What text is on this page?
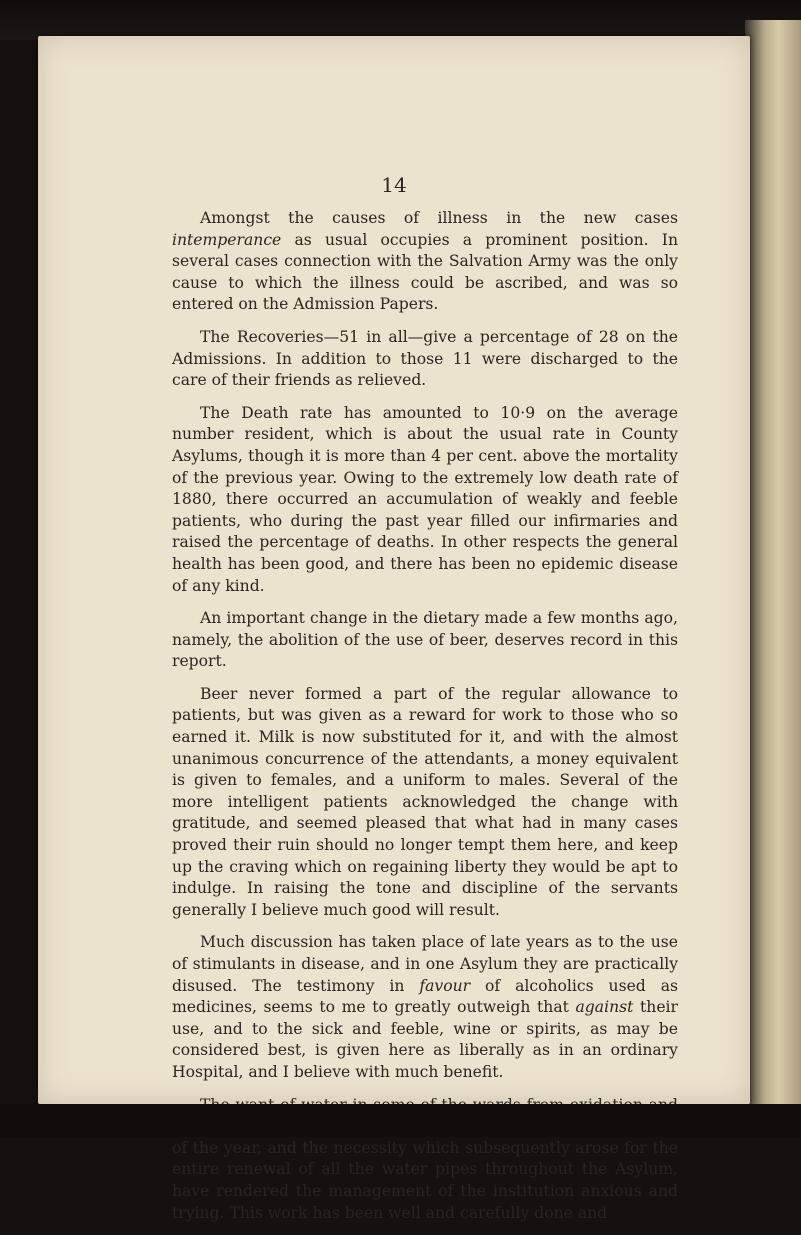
14

Amongst the causes of illness in the new cases intemperance as usual occupies a prominent position. In several cases connection with the Salvation Army was the only cause to which the illness could be ascribed, and was so entered on the Admission Papers.

The Recoveries—51 in all—give a percentage of 28 on the Admissions. In addition to those 11 were discharged to the care of their friends as relieved.

The Death rate has amounted to 10·9 on the average number resident, which is about the usual rate in County Asylums, though it is more than 4 per cent. above the mortality of the previous year. Owing to the extremely low death rate of 1880, there occurred an accumulation of weakly and feeble patients, who during the past year filled our infirmaries and raised the percentage of deaths. In other respects the general health has been good, and there has been no epidemic disease of any kind.

An important change in the dietary made a few months ago, namely, the abolition of the use of beer, deserves record in this report.

Beer never formed a part of the regular allowance to patients, but was given as a reward for work to those who so earned it. Milk is now substituted for it, and with the almost unanimous concurrence of the attendants, a money equivalent is given to females, and a uniform to males. Several of the more intelligent patients acknowledged the change with gratitude, and seemed pleased that what had in many cases proved their ruin should no longer tempt them here, and keep up the craving which on regaining liberty they would be apt to indulge. In raising the tone and discipline of the servants generally I believe much good will result.

Much discussion has taken place of late years as to the use of stimulants in disease, and in one Asylum they are practically disused. The testimony in favour of alcoholics used as medicines, seems to me to greatly outweigh that against their use, and to the sick and feeble, wine or spirits, as may be considered best, is given here as liberally as in an ordinary Hospital, and I believe with much benefit.

of the year, and the necessity which subsequently arose for the entire renewal of all the water pipes throughout the Asylum, have rendered the management of the institution anxious and trying. This work has been well and carefully done and
